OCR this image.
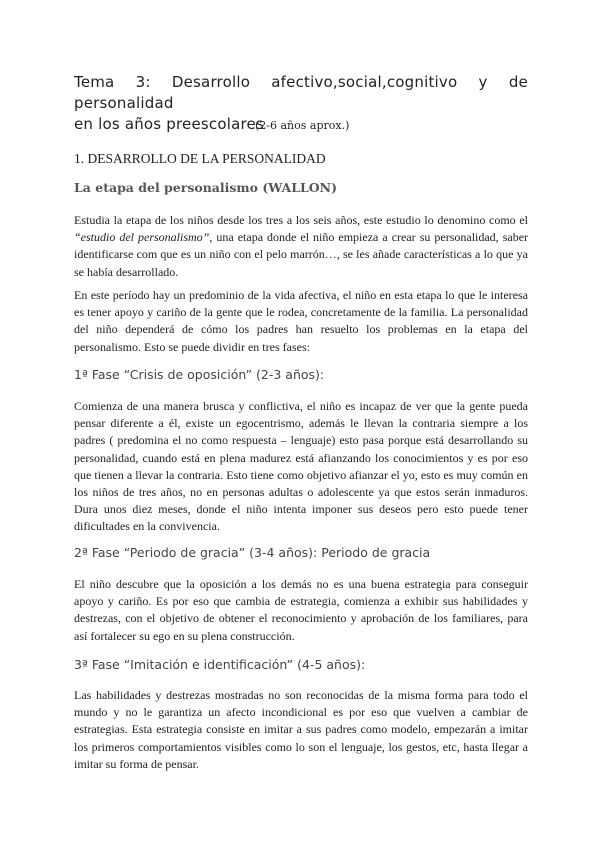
Tema 3: Desarrollo afectivo,social,cognitivo y de personalidad
en los años preescolares
(2-6 años aprox.)
1. DESARROLLO DE LA PERSONALIDAD
La etapa del personalismo (WALLON)
Estudia la etapa de los niños desde los tres a los seis años, este estudio lo denomino como el “estudio del personalismo”, una etapa donde el niño empieza a crear su personalidad, saber identificarse com que es un niño con el pelo marrón…, se les añade características a lo que ya se había desarrollado.
En este período hay un predominio de la vida afectiva, el niño en esta etapa lo que le interesa es tener apoyo y cariño de la gente que le rodea, concretamente de la familia. La personalidad del niño dependerá de cómo los padres han resuelto los problemas en la etapa del personalismo. Esto se puede dividir en tres fases:
1ª Fase “Crisis de oposición” (2-3 años):
Comienza de una manera brusca y conflictiva, el niño es incapaz de ver que la gente pueda pensar diferente a él, existe un egocentrismo, además le llevan la contraria siempre a los padres ( predomina el no como respuesta – lenguaje) esto pasa porque está desarrollando su personalidad, cuando está en plena madurez está afianzando los conocimientos y es por eso que tienen a llevar la contraria. Esto tiene como objetivo afianzar el yo, esto es muy común en los niños de tres años, no en personas adultas o adolescente ya que estos serán inmaduros. Dura unos diez meses, donde el niño intenta imponer sus deseos pero esto puede tener dificultades en la convivencia.
2ª Fase “Periodo de gracia” (3-4 años): Periodo de gracia
El niño descubre que la oposición a los demás no es una buena estrategia para conseguir apoyo y cariño. Es por eso que cambia de estrategia, comienza a exhibir sus habilidades y destrezas, con el objetivo de obtener el reconocimiento y aprobación de los familiares, para así fortalecer su ego en su plena construcción.
3ª Fase “Imitación e identificación” (4-5 años):
Las habilidades y destrezas mostradas no son reconocidas de la misma forma para todo el mundo y no le garantiza un afecto incondicional es por eso que vuelven a cambiar de estrategias. Esta estrategia consiste en imitar a sus padres como modelo, empezarán a imitar los primeros comportamientos visibles como lo son el lenguaje, los gestos, etc, hasta llegar a imitar su forma de pensar.
